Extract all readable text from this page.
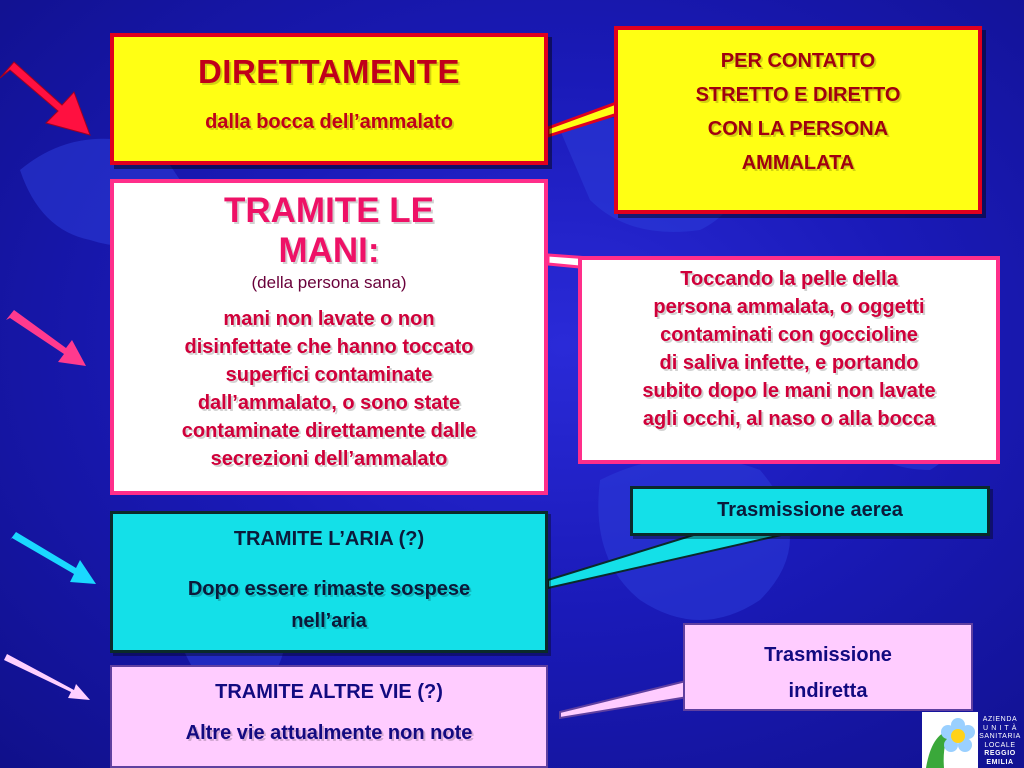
DIRETTAMENTE
dalla bocca dell’ammalato
PER CONTATTO
STRETTO E DIRETTO
CON LA PERSONA
AMMALATA
TRAMITE LE
MANI:
(della persona sana)
mani non lavate o non
disinfettate che hanno toccato
superfici contaminate
dall’ammalato, o sono state
contaminate direttamente dalle
secrezioni dell’ammalato
Toccando la pelle della
persona ammalata, o oggetti
contaminati con goccioline
di saliva infette, e portando
subito dopo le mani non lavate
agli occhi, al naso o alla bocca
TRAMITE L’ARIA (?)
Dopo essere rimaste sospese
nell’aria
Trasmissione aerea
TRAMITE ALTRE VIE (?)
Altre vie attualmente non note
Trasmissione
indiretta
AZIENDA
U N I T À
SANITARIA
LOCALE
REGGIO
EMILIA
